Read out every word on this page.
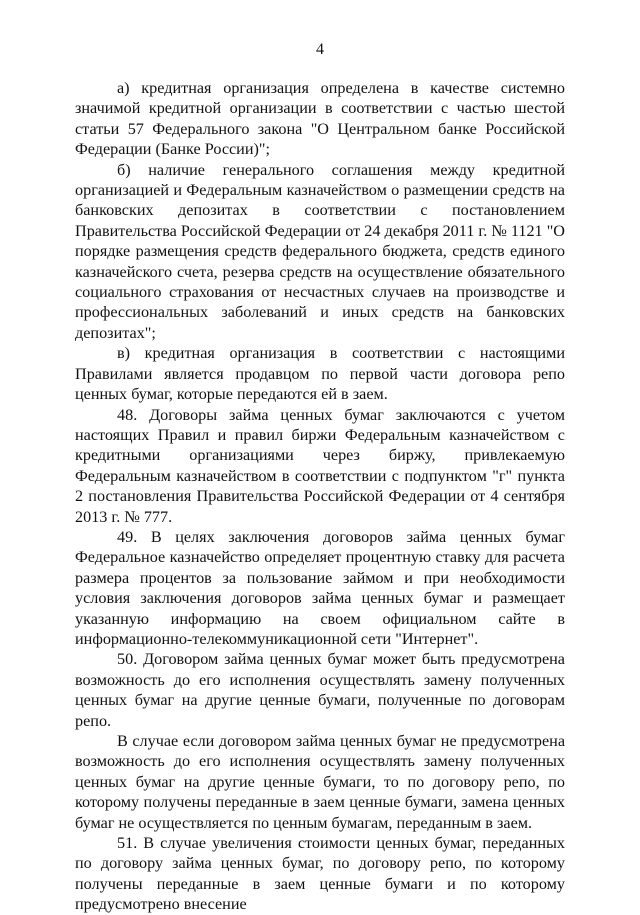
4

а) кредитная организация определена в качестве системно значимой кредитной организации в соответствии с частью шестой статьи 57 Федерального закона "О Центральном банке Российской Федерации (Банке России)";

б) наличие генерального соглашения между кредитной организацией и Федеральным казначейством о размещении средств на банковских депозитах в соответствии с постановлением Правительства Российской Федерации от 24 декабря 2011 г. № 1121 "О порядке размещения средств федерального бюджета, средств единого казначейского счета, резерва средств на осуществление обязательного социального страхования от несчастных случаев на производстве и профессиональных заболеваний и иных средств на банковских депозитах";

в) кредитная организация в соответствии с настоящими Правилами является продавцом по первой части договора репо ценных бумаг, которые передаются ей в заем.

48. Договоры займа ценных бумаг заключаются с учетом настоящих Правил и правил биржи Федеральным казначейством с кредитными организациями через биржу, привлекаемую Федеральным казначейством в соответствии с подпунктом "г" пункта 2 постановления Правительства Российской Федерации от 4 сентября 2013 г. № 777.

49. В целях заключения договоров займа ценных бумаг Федеральное казначейство определяет процентную ставку для расчета размера процентов за пользование займом и при необходимости условия заключения договоров займа ценных бумаг и размещает указанную информацию на своем официальном сайте в информационно-телекоммуникационной сети "Интернет".

50. Договором займа ценных бумаг может быть предусмотрена возможность до его исполнения осуществлять замену полученных ценных бумаг на другие ценные бумаги, полученные по договорам репо.

В случае если договором займа ценных бумаг не предусмотрена возможность до его исполнения осуществлять замену полученных ценных бумаг на другие ценные бумаги, то по договору репо, по которому получены переданные в заем ценные бумаги, замена ценных бумаг не осуществляется по ценным бумагам, переданным в заем.

51. В случае увеличения стоимости ценных бумаг, переданных по договору займа ценных бумаг, по договору репо, по которому получены переданные в заем ценные бумаги и по которому предусмотрено внесение
